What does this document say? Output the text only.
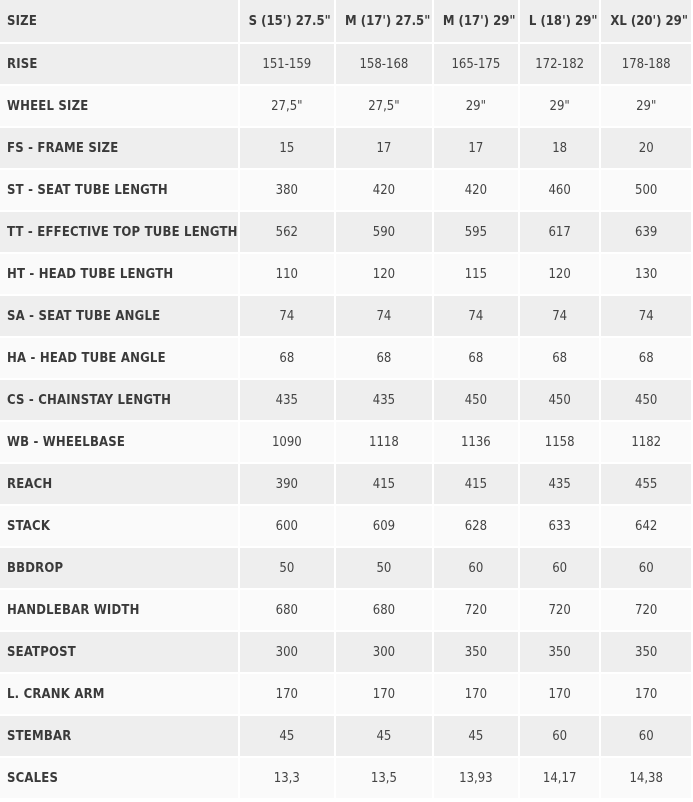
SIZE	S (15') 27.5"	M (17') 27.5"	M (17') 29"	L (18') 29"	XL (20') 29"
RISE	151-159	158-168	165-175	172-182	178-188
WHEEL SIZE	27,5"	27,5"	29"	29"	29"
FS - FRAME SIZE	15	17	17	18	20
ST - SEAT TUBE LENGTH	380	420	420	460	500
TT - EFFECTIVE TOP TUBE LENGTH	562	590	595	617	639
HT - HEAD TUBE LENGTH	110	120	115	120	130
SA - SEAT TUBE ANGLE	74	74	74	74	74
HA - HEAD TUBE ANGLE	68	68	68	68	68
CS - CHAINSTAY LENGTH	435	435	450	450	450
WB - WHEELBASE	1090	1118	1136	1158	1182
REACH	390	415	415	435	455
STACK	600	609	628	633	642
BBDROP	50	50	60	60	60
HANDLEBAR WIDTH	680	680	720	720	720
SEATPOST	300	300	350	350	350
L. CRANK ARM	170	170	170	170	170
STEMBAR	45	45	45	60	60
SCALES	13,3	13,5	13,93	14,17	14,38
